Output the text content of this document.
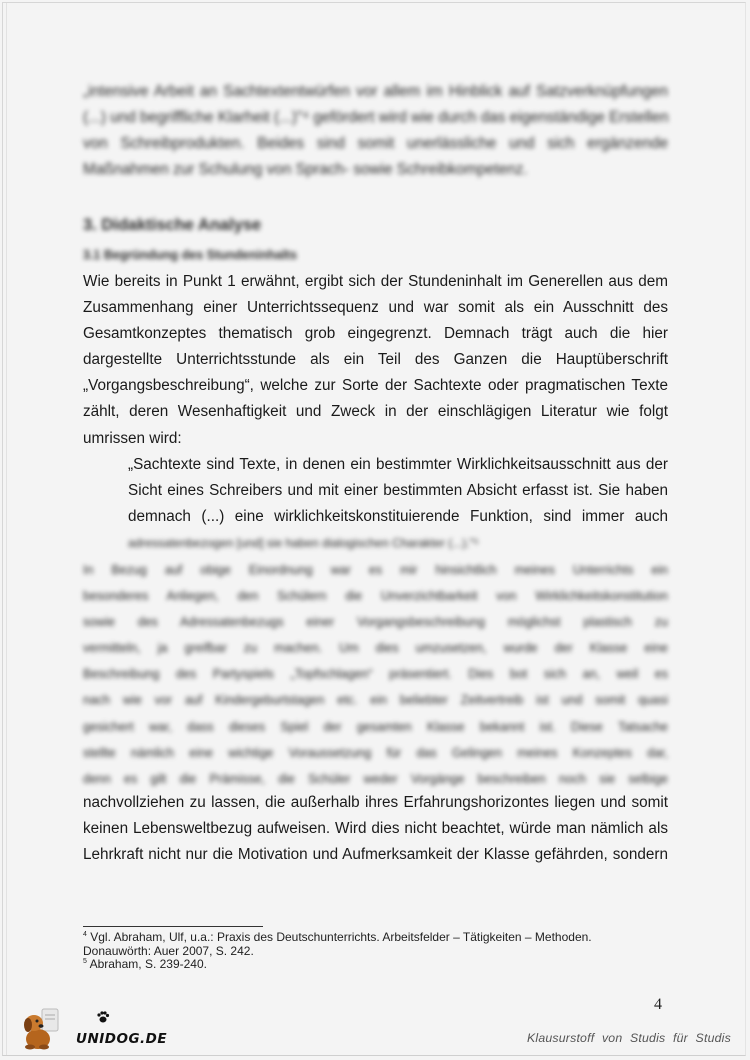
„intensive Arbeit an Sachtextentwürfen vor allem im Hinblick auf Satzverknüpfungen
(...) und begriffliche Klarheit (...)"⁴ gefördert wird wie durch das eigenständige Erstellen
von Schreibprodukten. Beides sind somit unerlässliche und sich ergänzende
Maßnahmen zur Schulung von Sprach- sowie Schreibkompetenz.
3. Didaktische Analyse
3.1 Begründung des Stundeninhalts
Wie bereits in Punkt 1 erwähnt, ergibt sich der Stundeninhalt im Generellen aus dem
Zusammenhang einer Unterrichtssequenz und war somit als ein Ausschnitt des
Gesamtkonzeptes thematisch grob eingegrenzt. Demnach trägt auch die hier
dargestellte Unterrichtsstunde als ein Teil des Ganzen die Hauptüberschrift
„Vorgangsbeschreibung“, welche zur Sorte der Sachtexte oder pragmatischen Texte
zählt, deren Wesenhaftigkeit und Zweck in der einschlägigen Literatur wie folgt
umrissen wird:
„Sachtexte sind Texte, in denen ein bestimmter Wirklichkeitsausschnitt aus der
Sicht eines Schreibers und mit einer bestimmten Absicht erfasst ist. Sie haben
demnach (...) eine wirklichkeitskonstituierende Funktion, sind immer auch
adressatenbezogen [und] sie haben dialogischen Charakter (...)."⁵
In Bezug auf obige Einordnung war es mir hinsichtlich meines Unterrichts ein
besonderes Anliegen, den Schülern die Unverzichtbarkeit von Wirklichkeitskonstitution
sowie des Adressatenbezugs einer Vorgangsbeschreibung möglichst plastisch zu
vermitteln, ja greifbar zu machen. Um dies umzusetzen, wurde der Klasse eine
Beschreibung des Partyspiels „Topfschlagen“ präsentiert. Dies bot sich an, weil es
nach wie vor auf Kindergeburtstagen etc. ein beliebter Zeitvertreib ist und somit quasi
gesichert war, dass dieses Spiel der gesamten Klasse bekannt ist. Diese Tatsache
stellte nämlich eine wichtige Voraussetzung für das Gelingen meines Konzeptes dar,
denn es gilt die Prämisse, die Schüler weder Vorgänge beschreiben noch sie selbige
nachvollziehen zu lassen, die außerhalb ihres Erfahrungshorizontes liegen und somit
keinen Lebensweltbezug aufweisen. Wird dies nicht beachtet, würde man nämlich als
Lehrkraft nicht nur die Motivation und Aufmerksamkeit der Klasse gefährden, sondern

$^4$ Vgl. Abraham, Ulf, u.a.: Praxis des Deutschunterrichts. Arbeitsfelder – Tätigkeiten – Methoden.

Donauwörth: Auer 2007, S. 242.

$^5$ Abraham, S. 239-240.

4
UNIDOG.DE	Klausurstoff von Studis für Studis
